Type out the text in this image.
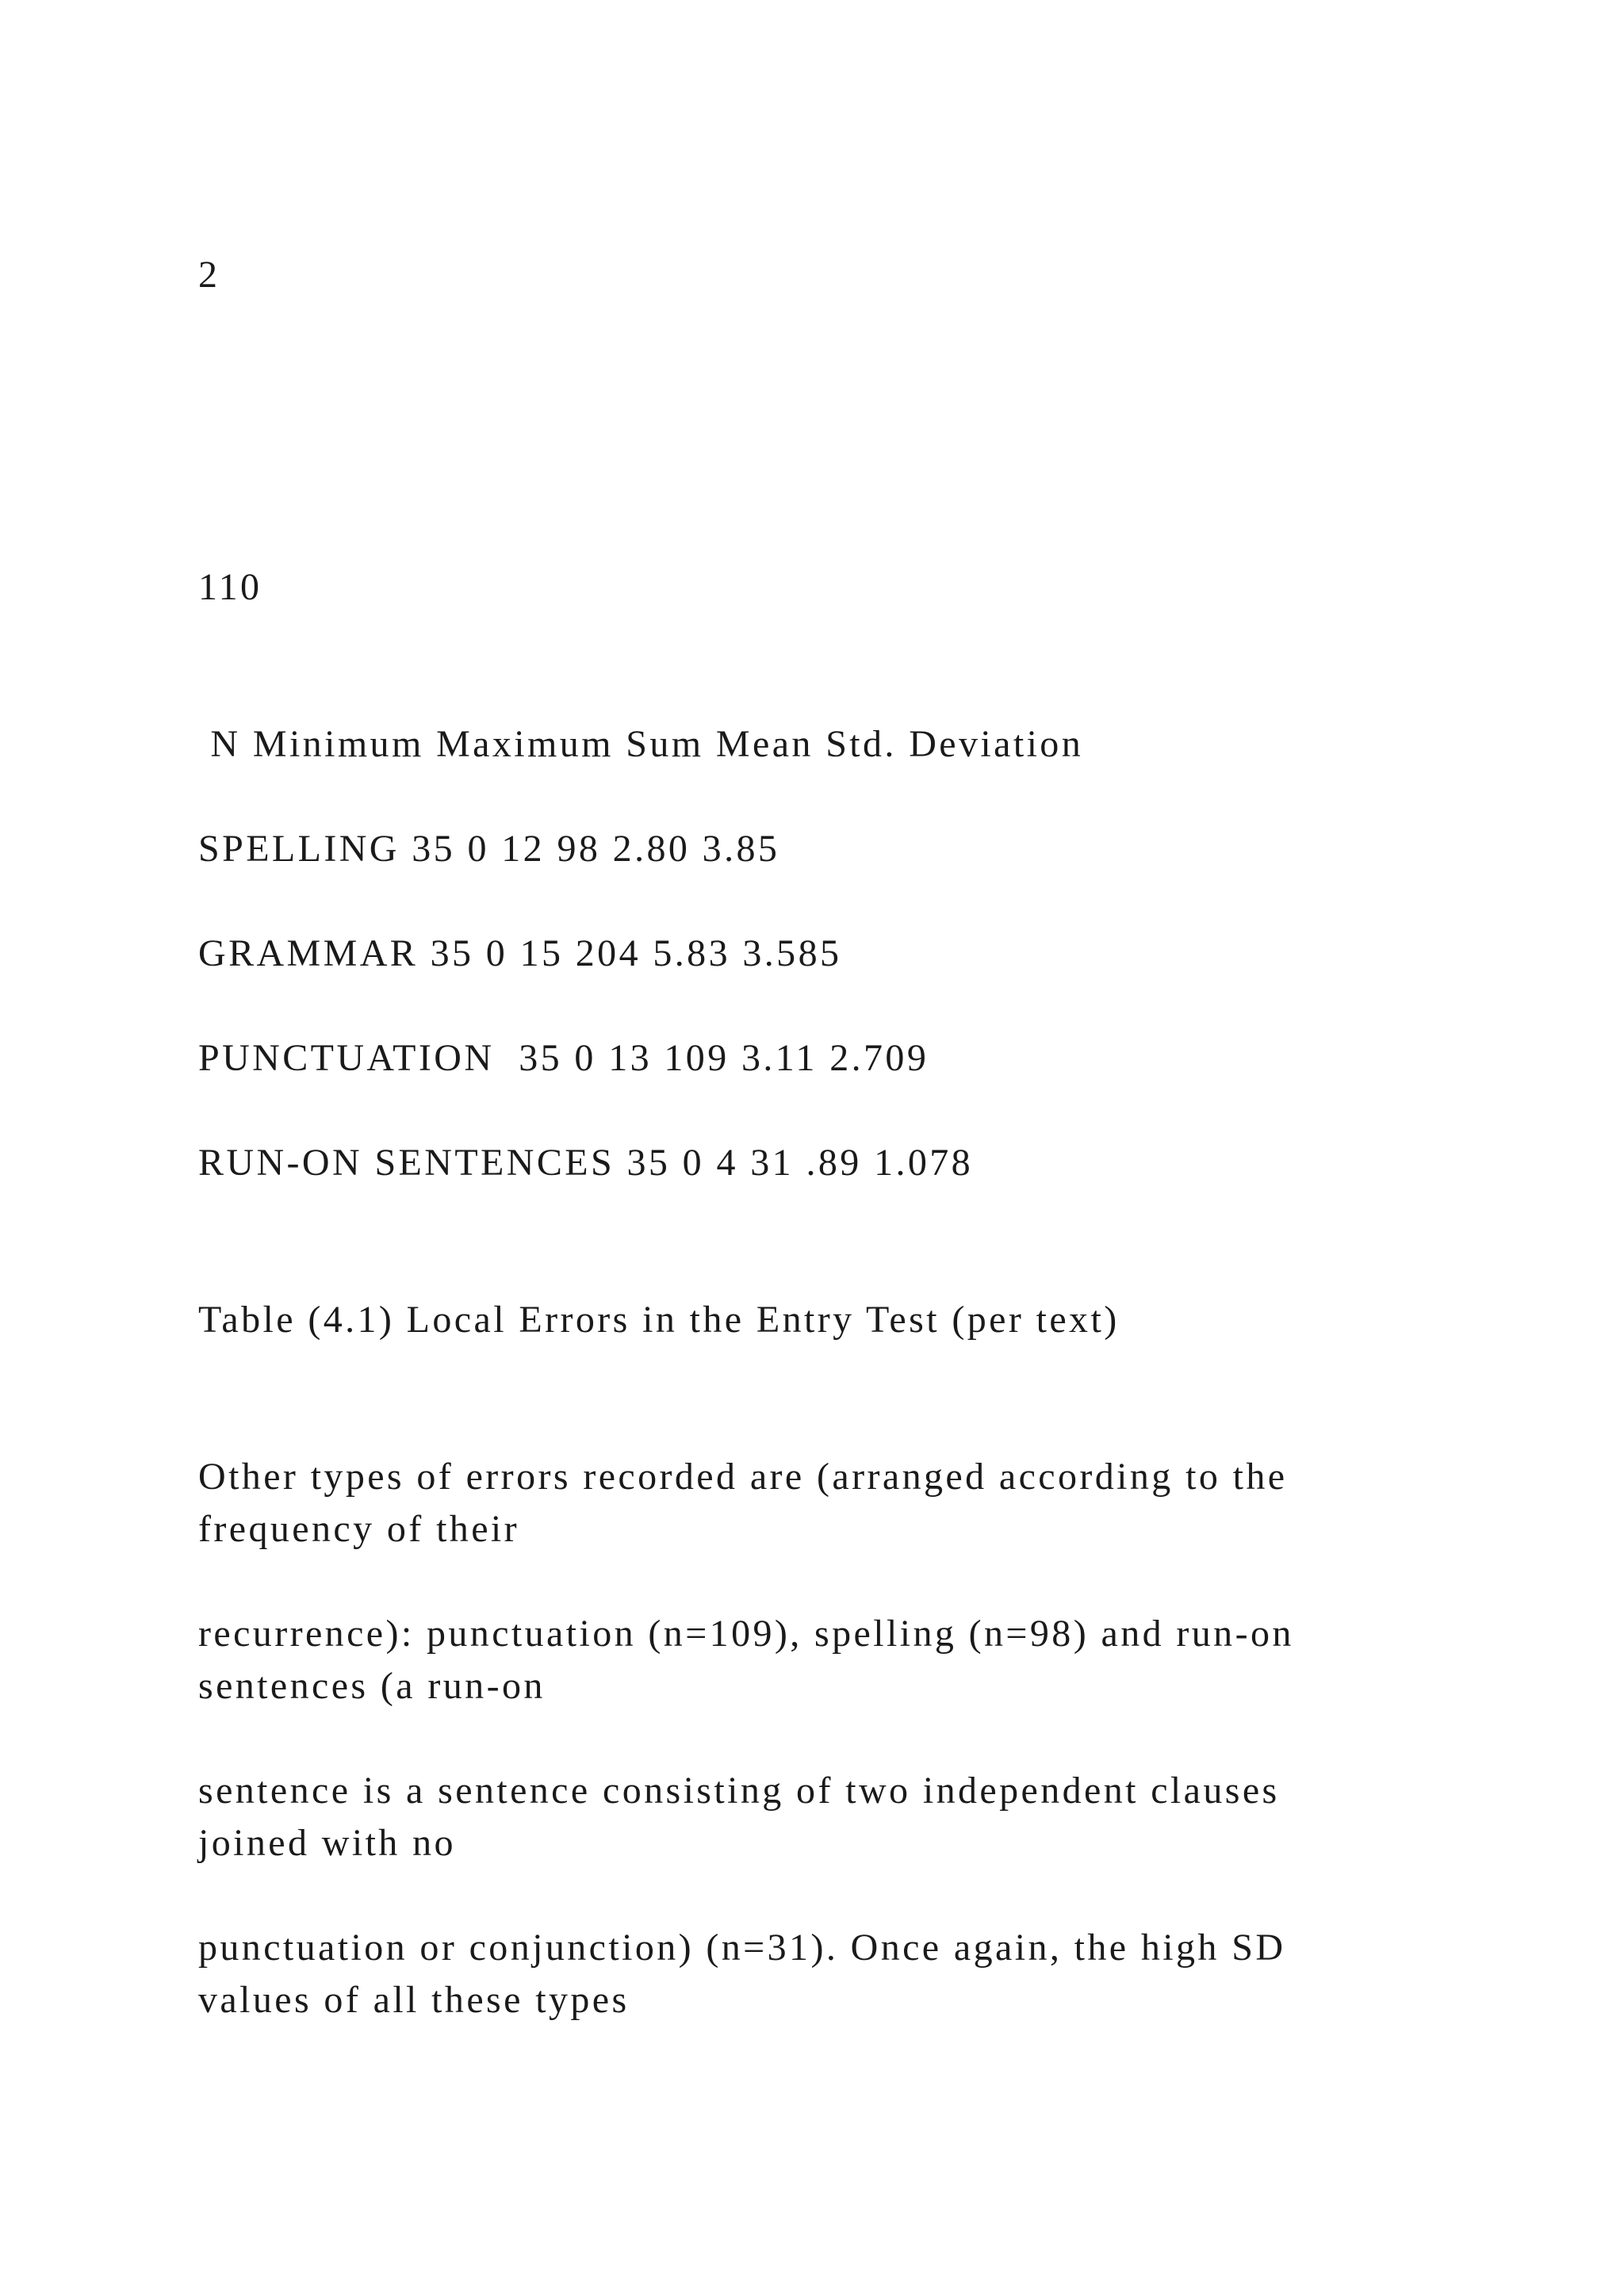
2
110
N Minimum Maximum Sum Mean Std. Deviation
SPELLING 35 0 12 98 2.80 3.85
GRAMMAR 35 0 15 204 5.83 3.585
PUNCTUATION  35 0 13 109 3.11 2.709
RUN-ON SENTENCES 35 0 4 31 .89 1.078
Table (4.1) Local Errors in the Entry Test (per text)
Other types of errors recorded are (arranged according to the
frequency of their
recurrence): punctuation (n=109), spelling (n=98) and run-on
sentences (a run-on
sentence is a sentence consisting of two independent clauses
joined with no
punctuation or conjunction) (n=31). Once again, the high SD
values of all these types
